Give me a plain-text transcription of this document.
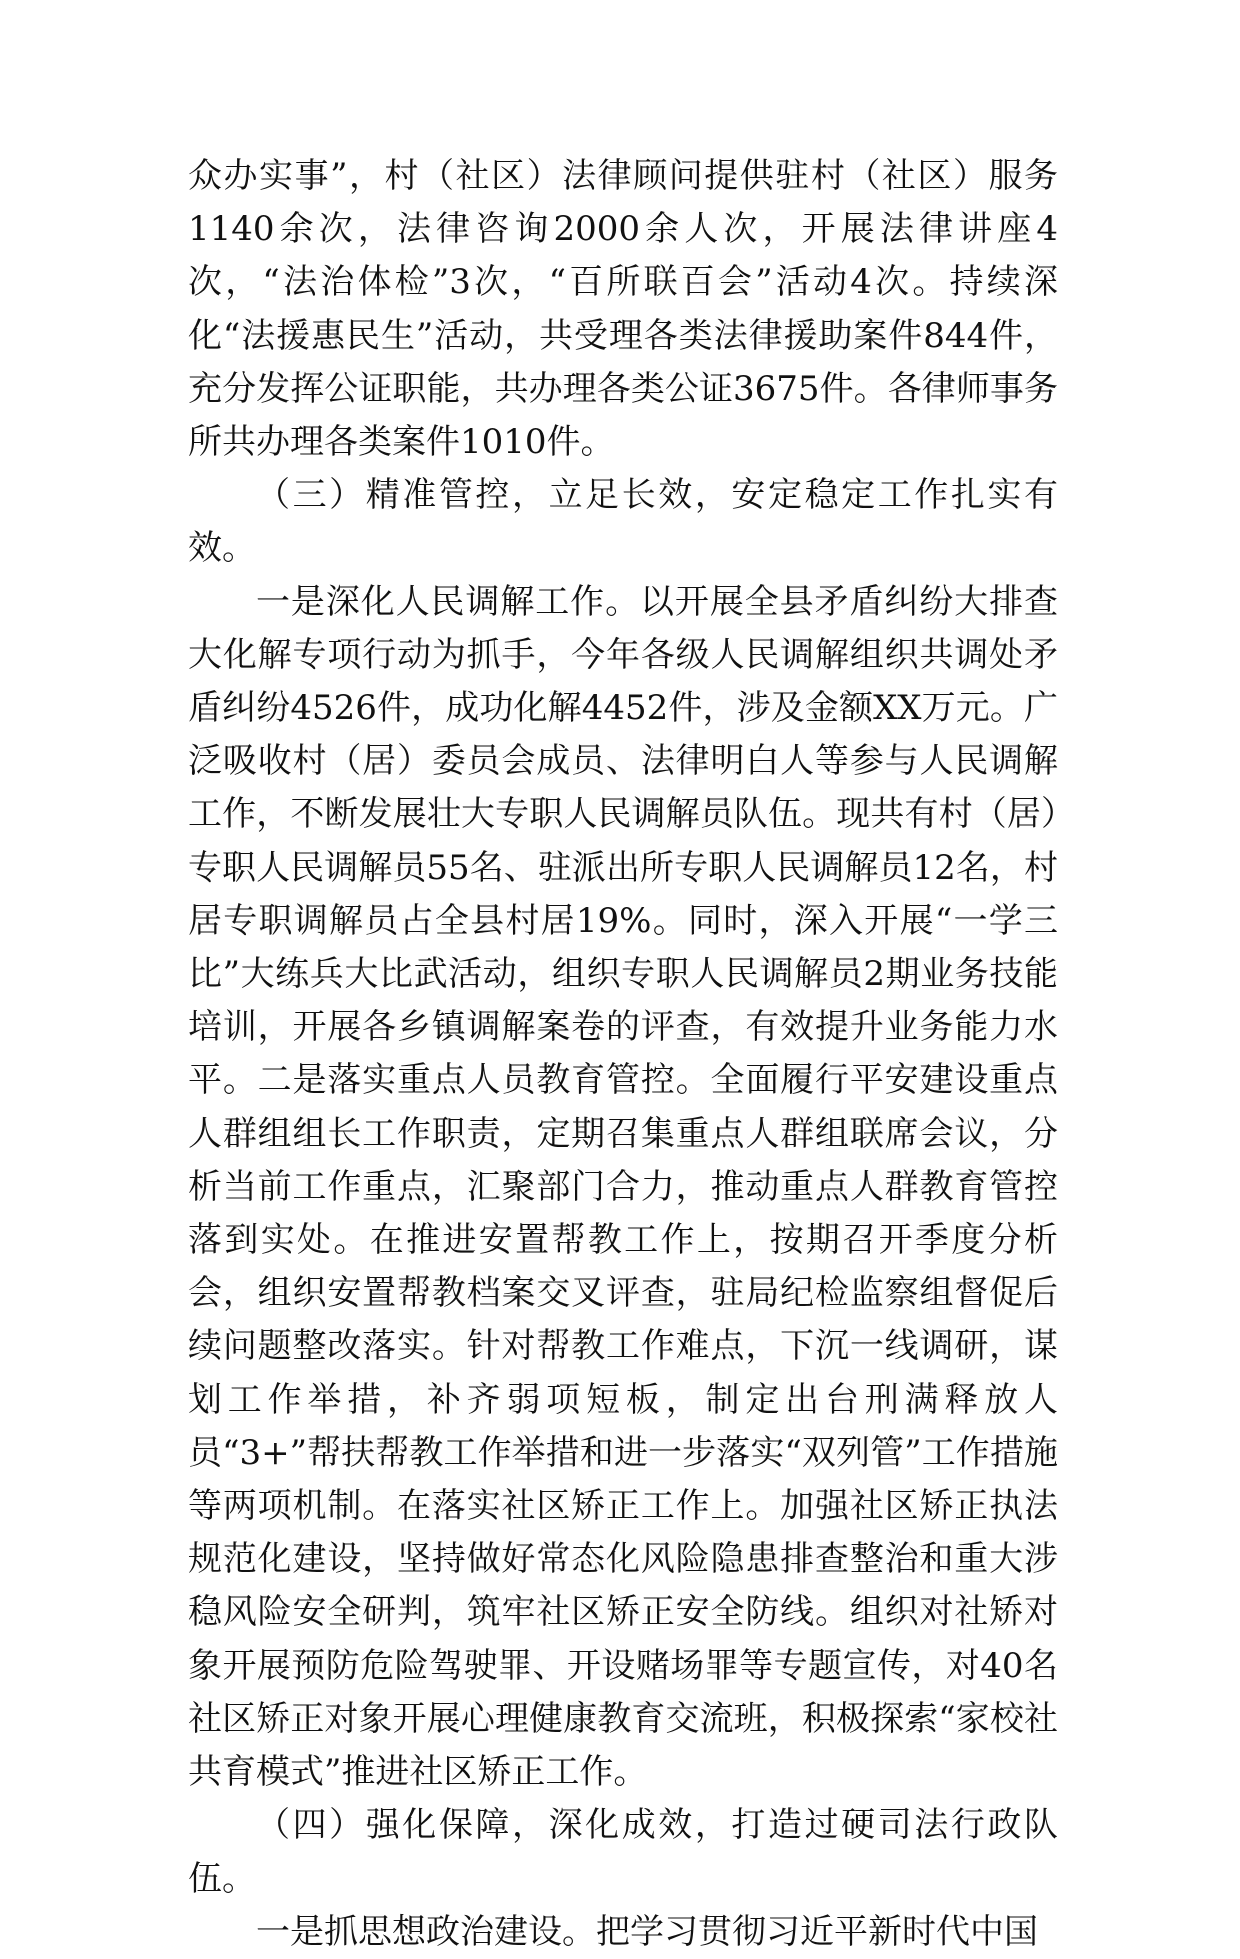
众办实事”，村（社区）法律顾问提供驻村（社区）服务1140余次，法律咨询2000余人次，开展法律讲座4次，“法治体检”3次，“百所联百会”活动4次。持续深化“法援惠民生”活动，共受理各类法律援助案件844件，充分发挥公证职能，共办理各类公证3675件。各律师事务所共办理各类案件1010件。

（三）精准管控，立足长效，安定稳定工作扎实有效。

一是深化人民调解工作。以开展全县矛盾纠纷大排查大化解专项行动为抓手，今年各级人民调解组织共调处矛盾纠纷4526件，成功化解4452件，涉及金额XX万元。广泛吸收村（居）委员会成员、法律明白人等参与人民调解工作，不断发展壮大专职人民调解员队伍。现共有村（居）专职人民调解员55名、驻派出所专职人民调解员12名，村居专职调解员占全县村居19%。同时，深入开展“一学三比”大练兵大比武活动，组织专职人民调解员2期业务技能培训，开展各乡镇调解案卷的评查，有效提升业务能力水平。二是落实重点人员教育管控。全面履行平安建设重点人群组组长工作职责，定期召集重点人群组联席会议，分析当前工作重点，汇聚部门合力，推动重点人群教育管控落到实处。在推进安置帮教工作上，按期召开季度分析会，组织安置帮教档案交叉评查，驻局纪检监察组督促后续问题整改落实。针对帮教工作难点，下沉一线调研，谋划工作举措，补齐弱项短板，制定出台刑满释放人员“3+”帮扶帮教工作举措和进一步落实“双列管”工作措施等两项机制。在落实社区矫正工作上。加强社区矫正执法规范化建设，坚持做好常态化风险隐患排查整治和重大涉稳风险安全研判，筑牢社区矫正安全防线。组织对社矫对象开展预防危险驾驶罪、开设赌场罪等专题宣传，对40名社区矫正对象开展心理健康教育交流班，积极探索“家校社共育模式”推进社区矫正工作。

（四）强化保障，深化成效，打造过硬司法行政队伍。

一是抓思想政治建设。把学习贯彻习近平新时代中国
